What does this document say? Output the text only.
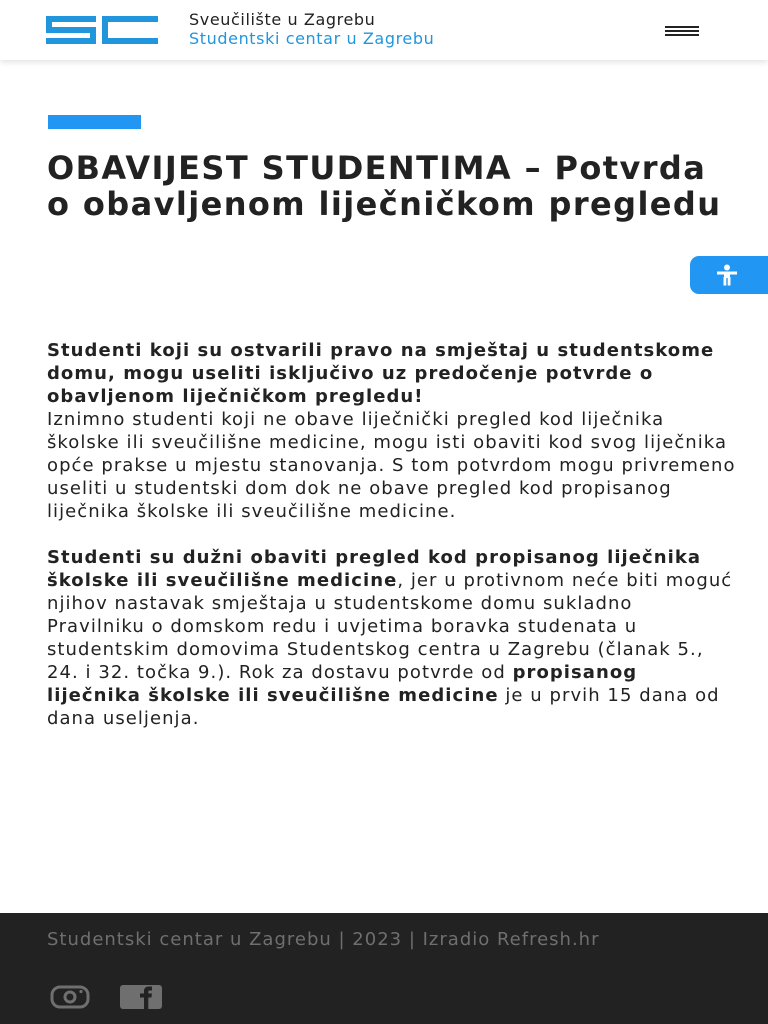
Sveučilište u Zagrebu
Studentski centar u Zagrebu
OBAVIJEST STUDENTIMA – Potvrda o obavljenom liječničkom pregledu

Studenti koji su ostvarili pravo na smještaj u studentskome domu, mogu useliti isključivo uz predočenje potvrde o obavljenom liječničkom pregledu!
Iznimno studenti koji ne obave liječnički pregled kod liječnika školske ili sveučilišne medicine, mogu isti obaviti kod svog liječnika opće prakse u mjestu stanovanja. S tom potvrdom mogu privremeno useliti u studentski dom dok ne obave pregled kod propisanog liječnika školske ili sveučilišne medicine.

Studenti su dužni obaviti pregled kod propisanog liječnika školske ili sveučilišne medicine, jer u protivnom neće biti moguć njihov nastavak smještaja u studentskome domu sukladno Pravilniku o domskom redu i uvjetima boravka studenata u studentskim domovima Studentskog centra u Zagrebu (članak 5., 24. i 32. točka 9.). Rok za dostavu potvrde od propisanog liječnika školske ili sveučilišne medicine je u prvih 15 dana od dana useljenja.

Studentski centar u Zagrebu | 2023 | Izradio Refresh.hr
